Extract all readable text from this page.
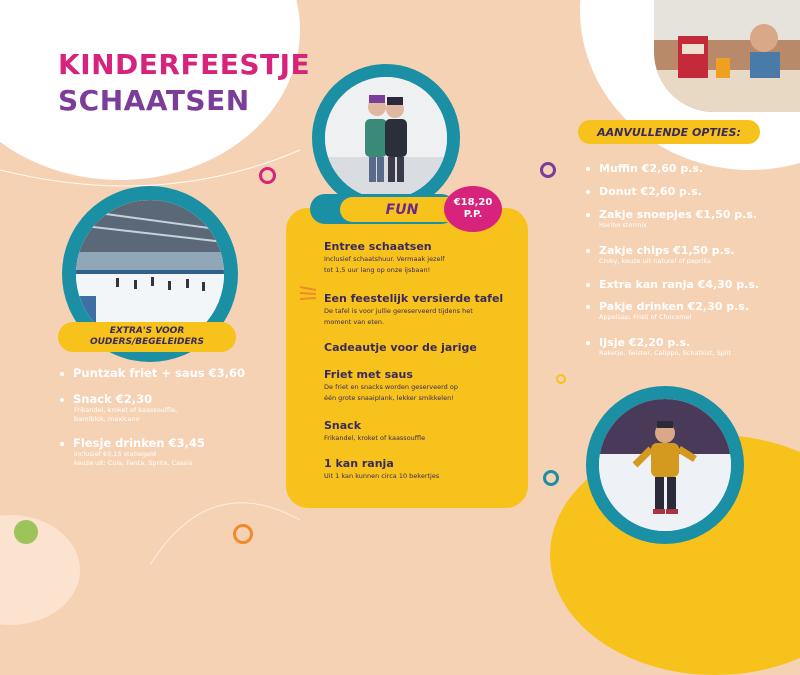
KINDERFEESTJE
SCHAATSEN
EXTRA'S VOOR
OUDERS/BEGELEIDERS
Puntzak friet + saus €3,60
Snack €2,30
Frikandel, kroket of kaassouffle,
bamiblok, mexicano
Flesje drinken €3,45
inclusief €0,15 statiegeld
keuze uit: Cola, Fanta, Sprite, Cassis
FUN	€18,20
P.P.
Entree schaatsen
Inclusief schaatshuur. Vermaak jezelf
tot 1,5 uur lang op onze ijsbaan!
Een feestelijk versierde tafel
De tafel is voor jullie gereserveerd tijdens het
moment van eten.
Cadeautje voor de jarige
Friet met saus
De friet en snacks worden geserveerd op
één grote snaaiplank, lekker smikkelen!
Snack
Frikandel, kroket of kaassouffle
1 kan ranja
Uit 1 kan kunnen circa 10 bekertjes
AANVULLENDE OPTIES:
Muffin €2,60 p.s.
Donut €2,60 p.s.
Zakje snoepjes €1,50 p.s.
Haribo stormix
Zakje chips €1,50 p.s.
Croky, keuze uit naturel of paprika
Extra kan ranja €4,30 p.s.
Pakje drinken €2,30 p.s.
Appelsap, Fristi of Chocomel
IJsje €2,20 p.s.
Raketje, Twister, Calippo, Schatkist, Split
